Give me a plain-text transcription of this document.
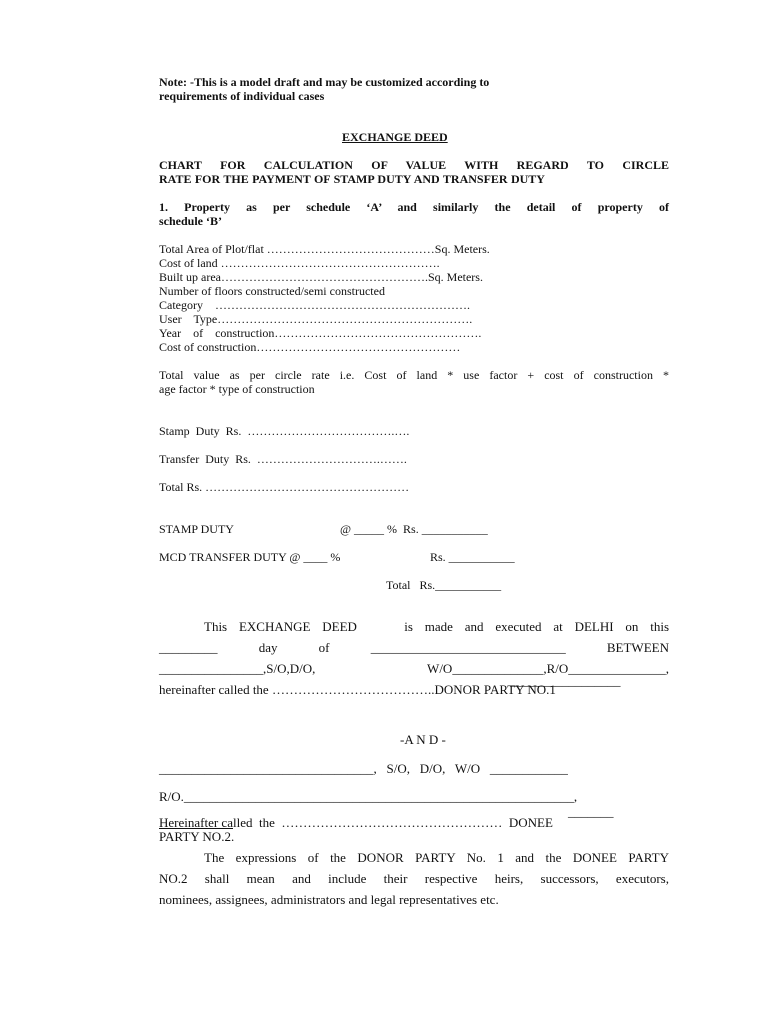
Note: -This is a model draft and may be customized according to
requirements of individual cases
EXCHANGE DEED
CHART FOR CALCULATION OF VALUE WITH REGARD TO CIRCLE
RATE FOR THE PAYMENT OF STAMP DUTY AND TRANSFER DUTY
1. Property as per schedule ‘A’ and similarly the detail of property of
schedule ‘B’
Total Area of Plot/flat ……………………………………Sq. Meters.
Cost of land ……………………………………………….
Built up area…………………………………………….Sq. Meters.
Number of floors constructed/semi constructed
Category    ……………………………………………………….
User    Type……………………………………………………….
Year    of    construction…………………………………………….
Cost of construction……………………………………………
Total value as per circle rate i.e. Cost of land * use factor + cost of construction *
age factor * type of construction
Stamp  Duty  Rs.  ……………………………….….
Transfer  Duty  Rs.  ………………………….…….
Total Rs. ……………………………………………
STAMP DUTY	@ _____ %  Rs. ___________
MCD TRANSFER DUTY @ ____ %	Rs. ___________
Total   Rs.___________
This EXCHANGE DEED    is made and executed at DELHI on this
_________	day	of	______________________________	BETWEEN
________________,S/O,D/O,	W/O______________,R/O_______________,
_________________
hereinafter called the ………………………………..DONOR PARTY NO.1
-A N D -
_________________________________,   S/O,   D/O,   W/O   ____________
R/O.____________________________________________________________,
_______
Hereinafter called  the  ……………………………………………  DONEE
PARTY NO.2.
The expressions of the DONOR PARTY No. 1 and the DONEE PARTY
NO.2 shall mean and include their respective heirs, successors, executors,
nominees, assignees, administrators and legal representatives etc.
